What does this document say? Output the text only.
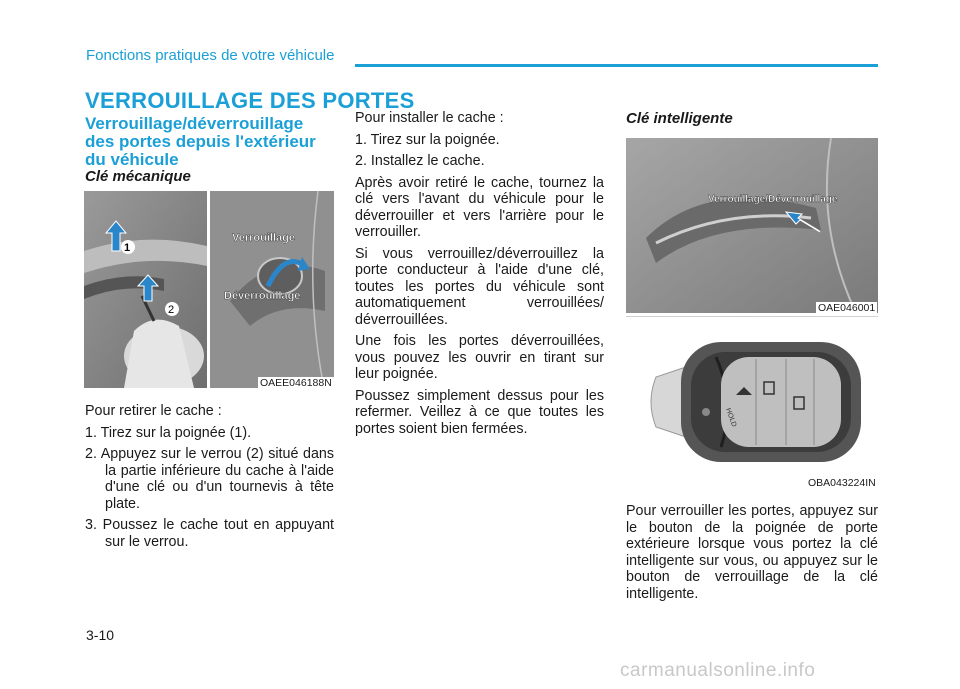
Fonctions pratiques de votre véhicule
VERROUILLAGE DES PORTES
Verrouillage/déverrouillage des portes depuis l'extérieur du véhicule
Clé mécanique
1
2
Verrouillage
Déverrouillage
OAEE046188N

Pour retirer le cache :

1. Tirez sur la poignée (1).

2. Appuyez sur le verrou (2) situé dans la partie inférieure du cache à l'aide d'une clé ou d'un tournevis à tête plate.

3. Poussez le cache tout en appuyant sur le verrou.

Pour installer le cache :

1. Tirez sur la poignée.

2. Installez le cache.

Après avoir retiré le cache, tournez la clé vers l'avant du véhicule pour le déverrouiller et vers l'arrière pour le verrouiller.

Si vous verrouillez/déverrouillez la porte conducteur à l'aide d'une clé, toutes les portes du véhicule sont automatiquement verrouillées/ déverrouillées.

Une fois les portes déverrouillées, vous pouvez les ouvrir en tirant sur leur poignée.

Poussez simplement dessus pour les refermer. Veillez à ce que toutes les portes soient bien fermées.

Clé intelligente
Verrouillage/Déverrouillage
OAE046001
HOLD
OBA043224IN

Pour verrouiller les portes, appuyez sur le bouton de la poignée de porte extérieure lorsque vous portez la clé intelligente sur vous, ou appuyez sur le bouton de verrouillage de la clé intelligente.

3-10
carmanualsonline.info
